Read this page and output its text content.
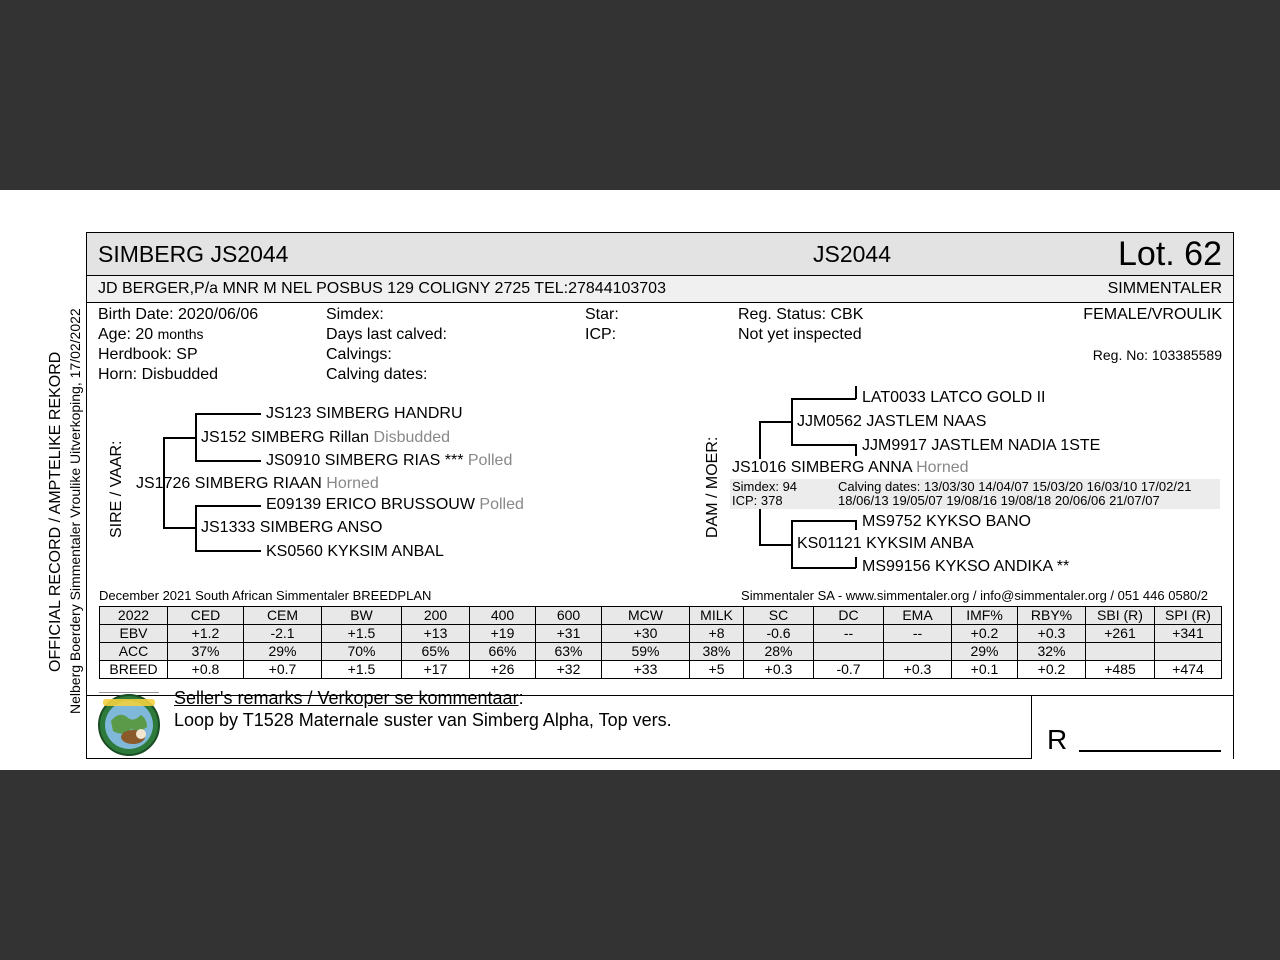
OFFICIAL RECORD / AMPTELIKE REKORD Nelberg Boerdery Simmentaler Vroulike Uitverkoping, 17/02/2022
SIMBERG JS2044	JS2044	Lot. 62
JD BERGER,P/a MNR M NEL POSBUS 129 COLIGNY 2725 TEL:27844103703	SIMMENTALER
Birth Date: 2020/06/06
Age: 20 months
Herdbook: SP
Horn: Disbudded
Simdex:
Days last calved:
Calvings:
Calving dates:
Star:
ICP:
Reg. Status: CBK
Not yet inspected
FEMALE/VROULIK
Reg. No: 103385589
SIRE / VAAR:
JS123 SIMBERG HANDRU
JS152 SIMBERG Rillan Disbudded
JS0910 SIMBERG RIAS *** Polled
JS1726 SIMBERG RIAAN Horned
E09139 ERICO BRUSSOUW Polled
JS1333 SIMBERG ANSO
KS0560 KYKSIM ANBAL
DAM / MOER:
LAT0033 LATCO GOLD II
JJM0562 JASTLEM NAAS
JJM9917 JASTLEM NADIA 1STE
JS1016 SIMBERG ANNA Horned
Simdex: 94
ICP: 378
Calving dates: 13/03/30 14/04/07 15/03/20 16/03/10 17/02/21
18/06/13 19/05/07 19/08/16 19/08/18 20/06/06 21/07/07
MS9752 KYKSO BANO
KS01121 KYKSIM ANBA
MS99156 KYKSO ANDIKA **
December 2021 South African Simmentaler BREEDPLAN	Simmentaler SA - www.simmentaler.org / info@simmentaler.org / 051 446 0580/2
2022	CED	CEM	BW	200	400	600	MCW	MILK	SC	DC	EMA	IMF%	RBY%	SBI (R)	SPI (R)
EBV	+1.2	-2.1	+1.5	+13	+19	+31	+30	+8	-0.6	--	--	+0.2	+0.3	+261	+341
ACC	37%	29%	70%	65%	66%	63%	59%	38%	28%			29%	32%		
BREED	+0.8	+0.7	+1.5	+17	+26	+32	+33	+5	+0.3	-0.7	+0.3	+0.1	+0.2	+485	+474
Seller's remarks / Verkoper se kommentaar:
Loop by T1528 Maternale suster van Simberg Alpha, Top vers.
R
